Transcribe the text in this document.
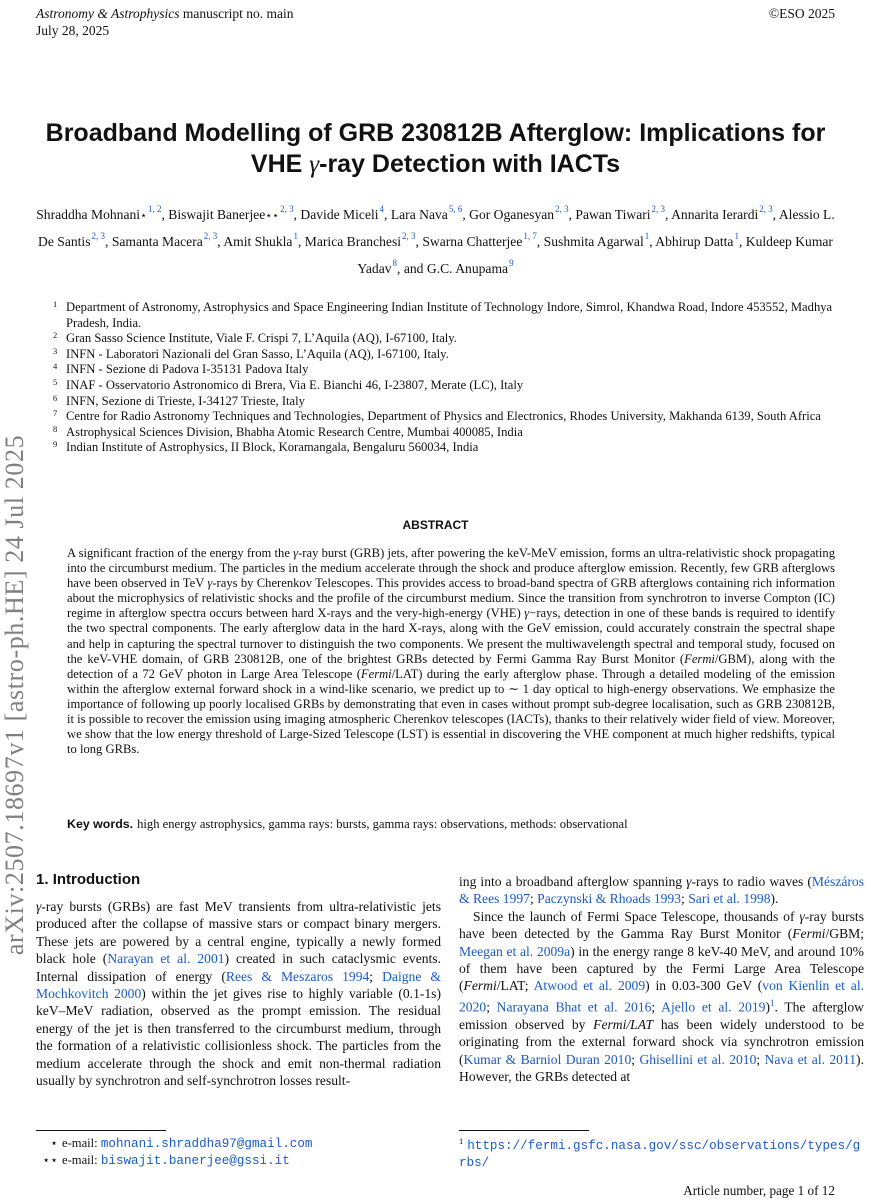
Astronomy & Astrophysics manuscript no. main
July 28, 2025
©ESO 2025
arXiv:2507.18697v1 [astro-ph.HE] 24 Jul 2025
Broadband Modelling of GRB 230812B Afterglow: Implications for
VHE γ-ray Detection with IACTs
Shraddha Mohnani⋆$^{1, 2}$, Biswajit Banerjee⋆⋆$^{2, 3}$, Davide Miceli$^4$, Lara Nava$^{5, 6}$, Gor Oganesyan$^{2, 3}$, Pawan Tiwari$^{2, 3}$, Annarita Ierardi$^{2, 3}$, Alessio L. De Santis$^{2, 3}$, Samanta Macera$^{2, 3}$, Amit Shukla$^1$, Marica Branchesi$^{2, 3}$, Swarna Chatterjee$^{1, 7}$, Sushmita Agarwal$^1$, Abhirup Datta$^1$, Kuldeep Kumar Yadav$^8$, and G.C. Anupama$^9$
1 Department of Astronomy, Astrophysics and Space Engineering Indian Institute of Technology Indore, Simrol, Khandwa Road, Indore 453552, Madhya Pradesh, India.
2 Gran Sasso Science Institute, Viale F. Crispi 7, L’Aquila (AQ), I-67100, Italy.
3 INFN - Laboratori Nazionali del Gran Sasso, L’Aquila (AQ), I-67100, Italy.
4 INFN - Sezione di Padova I-35131 Padova Italy
5 INAF - Osservatorio Astronomico di Brera, Via E. Bianchi 46, I-23807, Merate (LC), Italy
6 INFN, Sezione di Trieste, I-34127 Trieste, Italy
7 Centre for Radio Astronomy Techniques and Technologies, Department of Physics and Electronics, Rhodes University, Makhanda 6139, South Africa
8 Astrophysical Sciences Division, Bhabha Atomic Research Centre, Mumbai 400085, India
9 Indian Institute of Astrophysics, II Block, Koramangala, Bengaluru 560034, India
ABSTRACT
A significant fraction of the energy from the γ-ray burst (GRB) jets, after powering the keV-MeV emission, forms an ultra-relativistic shock propagating into the circumburst medium. The particles in the medium accelerate through the shock and produce afterglow emission. Recently, few GRB afterglows have been observed in TeV γ-rays by Cherenkov Telescopes. This provides access to broad-band spectra of GRB afterglows containing rich information about the microphysics of relativistic shocks and the profile of the circumburst medium. Since the transition from synchrotron to inverse Compton (IC) regime in afterglow spectra occurs between hard X-rays and the very-high-energy (VHE) γ−rays, detection in one of these bands is required to identify the two spectral components. The early afterglow data in the hard X-rays, along with the GeV emission, could accurately constrain the spectral shape and help in capturing the spectral turnover to distinguish the two components. We present the multiwavelength spectral and temporal study, focused on the keV-VHE domain, of GRB 230812B, one of the brightest GRBs detected by Fermi Gamma Ray Burst Monitor (Fermi/GBM), along with the detection of a 72 GeV photon in Large Area Telescope (Fermi/LAT) during the early afterglow phase. Through a detailed modeling of the emission within the afterglow external forward shock in a wind-like scenario, we predict up to ∼ 1 day optical to high-energy observations. We emphasize the importance of following up poorly localised GRBs by demonstrating that even in cases without prompt sub-degree localisation, such as GRB 230812B, it is possible to recover the emission using imaging atmospheric Cherenkov telescopes (IACTs), thanks to their relatively wider field of view. Moreover, we show that the low energy threshold of Large-Sized Telescope (LST) is essential in discovering the VHE component at much higher redshifts, typical to long GRBs.
Key words. high energy astrophysics, gamma rays: bursts, gamma rays: observations, methods: observational
1. Introduction

γ-ray bursts (GRBs) are fast MeV transients from ultra-relativistic jets produced after the collapse of massive stars or compact binary mergers. These jets are powered by a central engine, typically a newly formed black hole (Narayan et al. 2001) created in such cataclysmic events. Internal dissipation of energy (Rees & Meszaros 1994; Daigne & Mochkovitch 2000) within the jet gives rise to highly variable (0.1-1s) keV–MeV radiation, observed as the prompt emission. The residual energy of the jet is then transferred to the circumburst medium, through the formation of a relativistic collisionless shock. The particles from the medium accelerate through the shock and emit non-thermal radiation usually by synchrotron and self-synchrotron losses result-

ing into a broadband afterglow spanning γ-rays to radio waves (Mészáros & Rees 1997; Paczynski & Rhoads 1993; Sari et al. 1998).

Since the launch of Fermi Space Telescope, thousands of γ-ray bursts have been detected by the Gamma Ray Burst Monitor (Fermi/GBM; Meegan et al. 2009a) in the energy range 8 keV-40 MeV, and around 10% of them have been captured by the Fermi Large Area Telescope (Fermi/LAT; Atwood et al. 2009) in 0.03-300 GeV (von Kienlin et al. 2020; Narayana Bhat et al. 2016; Ajello et al. 2019)$^1$. The afterglow emission observed by Fermi/LAT has been widely understood to be originating from the external forward shock via synchrotron emission (Kumar & Barniol Duran 2010; Ghisellini et al. 2010; Nava et al. 2011). However, the GRBs detected at

⋆ e-mail: mohnani.shraddha97@gmail.com
⋆⋆ e-mail: biswajit.banerjee@gssi.it
$^1$ https://fermi.gsfc.nasa.gov/ssc/observations/types/grbs/
Article number, page 1 of 12
